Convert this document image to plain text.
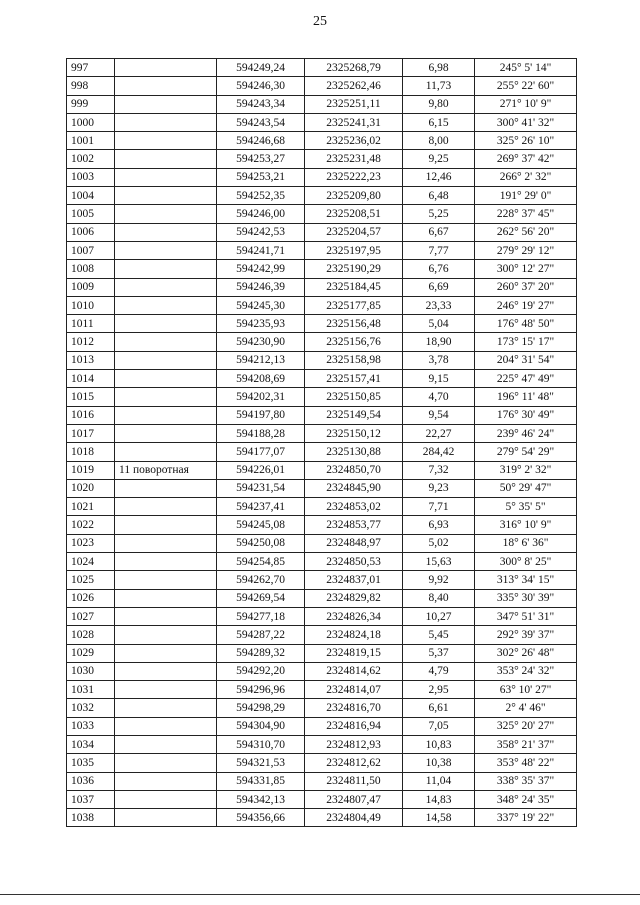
25
997		594249,24	2325268,79	6,98	245° 5' 14"
998		594246,30	2325262,46	11,73	255° 22' 60"
999		594243,34	2325251,11	9,80	271° 10' 9"
1000		594243,54	2325241,31	6,15	300° 41' 32"
1001		594246,68	2325236,02	8,00	325° 26' 10"
1002		594253,27	2325231,48	9,25	269° 37' 42"
1003		594253,21	2325222,23	12,46	266° 2' 32"
1004		594252,35	2325209,80	6,48	191° 29' 0"
1005		594246,00	2325208,51	5,25	228° 37' 45"
1006		594242,53	2325204,57	6,67	262° 56' 20"
1007		594241,71	2325197,95	7,77	279° 29' 12"
1008		594242,99	2325190,29	6,76	300° 12' 27"
1009		594246,39	2325184,45	6,69	260° 37' 20"
1010		594245,30	2325177,85	23,33	246° 19' 27"
1011		594235,93	2325156,48	5,04	176° 48' 50"
1012		594230,90	2325156,76	18,90	173° 15' 17"
1013		594212,13	2325158,98	3,78	204° 31' 54"
1014		594208,69	2325157,41	9,15	225° 47' 49"
1015		594202,31	2325150,85	4,70	196° 11' 48"
1016		594197,80	2325149,54	9,54	176° 30' 49"
1017		594188,28	2325150,12	22,27	239° 46' 24"
1018		594177,07	2325130,88	284,42	279° 54' 29"
1019	11 поворотная	594226,01	2324850,70	7,32	319° 2' 32"
1020		594231,54	2324845,90	9,23	50° 29' 47"
1021		594237,41	2324853,02	7,71	5° 35' 5"
1022		594245,08	2324853,77	6,93	316° 10' 9"
1023		594250,08	2324848,97	5,02	18° 6' 36"
1024		594254,85	2324850,53	15,63	300° 8' 25"
1025		594262,70	2324837,01	9,92	313° 34' 15"
1026		594269,54	2324829,82	8,40	335° 30' 39"
1027		594277,18	2324826,34	10,27	347° 51' 31"
1028		594287,22	2324824,18	5,45	292° 39' 37"
1029		594289,32	2324819,15	5,37	302° 26' 48"
1030		594292,20	2324814,62	4,79	353° 24' 32"
1031		594296,96	2324814,07	2,95	63° 10' 27"
1032		594298,29	2324816,70	6,61	2° 4' 46"
1033		594304,90	2324816,94	7,05	325° 20' 27"
1034		594310,70	2324812,93	10,83	358° 21' 37"
1035		594321,53	2324812,62	10,38	353° 48' 22"
1036		594331,85	2324811,50	11,04	338° 35' 37"
1037		594342,13	2324807,47	14,83	348° 24' 35"
1038		594356,66	2324804,49	14,58	337° 19' 22"
